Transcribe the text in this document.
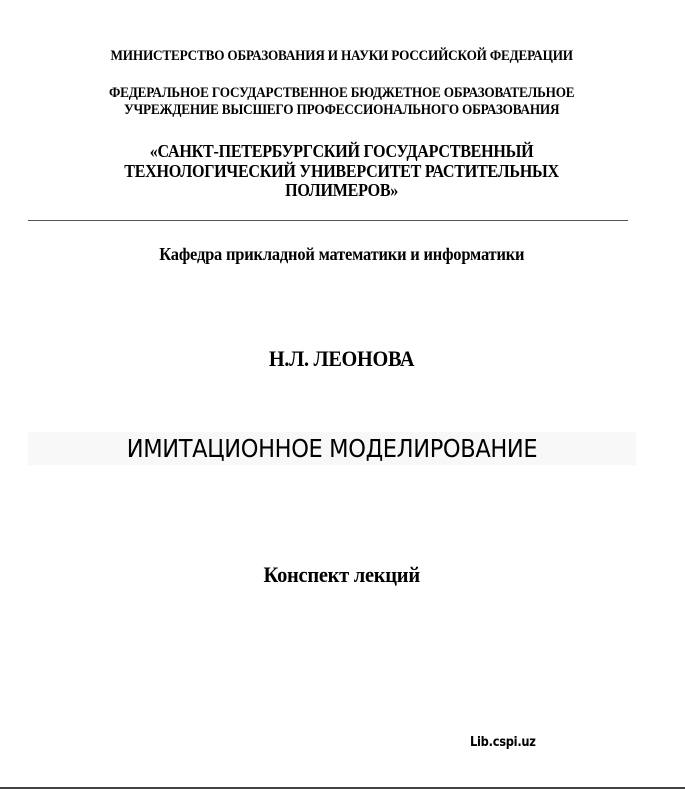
МИНИСТЕРСТВО ОБРАЗОВАНИЯ И НАУКИ РОССИЙСКОЙ ФЕДЕРАЦИИ
ФЕДЕРАЛЬНОЕ ГОСУДАРСТВЕННОЕ БЮДЖЕТНОЕ ОБРАЗОВАТЕЛЬНОЕ
УЧРЕЖДЕНИЕ ВЫСШЕГО ПРОФЕССИОНАЛЬНОГО ОБРАЗОВАНИЯ
«САНКТ-ПЕТЕРБУРГСКИЙ ГОСУДАРСТВЕННЫЙ
ТЕХНОЛОГИЧЕСКИЙ УНИВЕРСИТЕТ РАСТИТЕЛЬНЫХ
ПОЛИМЕРОВ»
Кафедра прикладной математики и информатики
Н.Л. ЛЕОНОВА
ИМИТАЦИОННОЕ МОДЕЛИРОВАНИЕ
Конспект лекций
Lib.cspi.uz
